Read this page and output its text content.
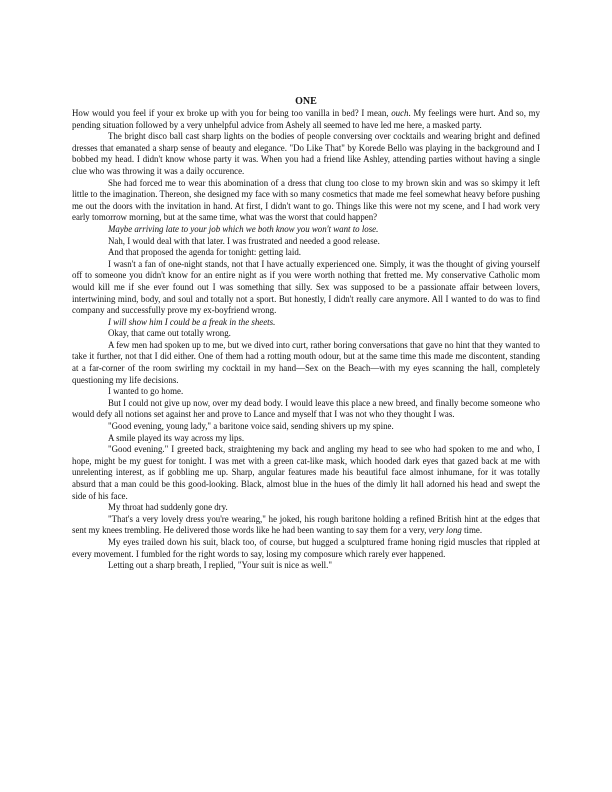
ONE

How would you feel if your ex broke up with you for being too vanilla in bed? I mean, ouch. My feelings were hurt. And so, my pending situation followed by a very unhelpful advice from Ashely all seemed to have led me here, a masked party.

The bright disco ball cast sharp lights on the bodies of people conversing over cocktails and wearing bright and defined dresses that emanated a sharp sense of beauty and elegance. "Do Like That" by Korede Bello was playing in the background and I bobbed my head. I didn't know whose party it was. When you had a friend like Ashley, attending parties without having a single clue who was throwing it was a daily occurence.

She had forced me to wear this abomination of a dress that clung too close to my brown skin and was so skimpy it left little to the imagination. Thereon, she designed my face with so many cosmetics that made me feel somewhat heavy before pushing me out the doors with the invitation in hand. At first, I didn't want to go. Things like this were not my scene, and I had work very early tomorrow morning, but at the same time, what was the worst that could happen?

Maybe arriving late to your job which we both know you won't want to lose.

Nah, I would deal with that later. I was frustrated and needed a good release.

And that proposed the agenda for tonight: getting laid.

I wasn't a fan of one-night stands, not that I have actually experienced one. Simply, it was the thought of giving yourself off to someone you didn't know for an entire night as if you were worth nothing that fretted me. My conservative Catholic mom would kill me if she ever found out I was something that silly. Sex was supposed to be a passionate affair between lovers, intertwining mind, body, and soul and totally not a sport. But honestly, I didn't really care anymore. All I wanted to do was to find company and successfully prove my ex-boyfriend wrong.

I will show him I could be a freak in the sheets.

Okay, that came out totally wrong.

A few men had spoken up to me, but we dived into curt, rather boring conversations that gave no hint that they wanted to take it further, not that I did either. One of them had a rotting mouth odour, but at the same time this made me discontent, standing at a far-corner of the room swirling my cocktail in my hand—Sex on the Beach—with my eyes scanning the hall, completely questioning my life decisions.

I wanted to go home.

But I could not give up now, over my dead body. I would leave this place a new breed, and finally become someone who would defy all notions set against her and prove to Lance and myself that I was not who they thought I was.

"Good evening, young lady," a baritone voice said, sending shivers up my spine.

A smile played its way across my lips.

"Good evening." I greeted back, straightening my back and angling my head to see who had spoken to me and who, I hope, might be my guest for tonight. I was met with a green cat-like mask, which hooded dark eyes that gazed back at me with unrelenting interest, as if gobbling me up. Sharp, angular features made his beautiful face almost inhumane, for it was totally absurd that a man could be this good-looking. Black, almost blue in the hues of the dimly lit hall adorned his head and swept the side of his face.

My throat had suddenly gone dry.

"That's a very lovely dress you're wearing," he joked, his rough baritone holding a refined British hint at the edges that sent my knees trembling. He delivered those words like he had been wanting to say them for a very, very long time.

My eyes trailed down his suit, black too, of course, but hugged a sculptured frame honing rigid muscles that rippled at every movement. I fumbled for the right words to say, losing my composure which rarely ever happened.

Letting out a sharp breath, I replied, "Your suit is nice as well."
